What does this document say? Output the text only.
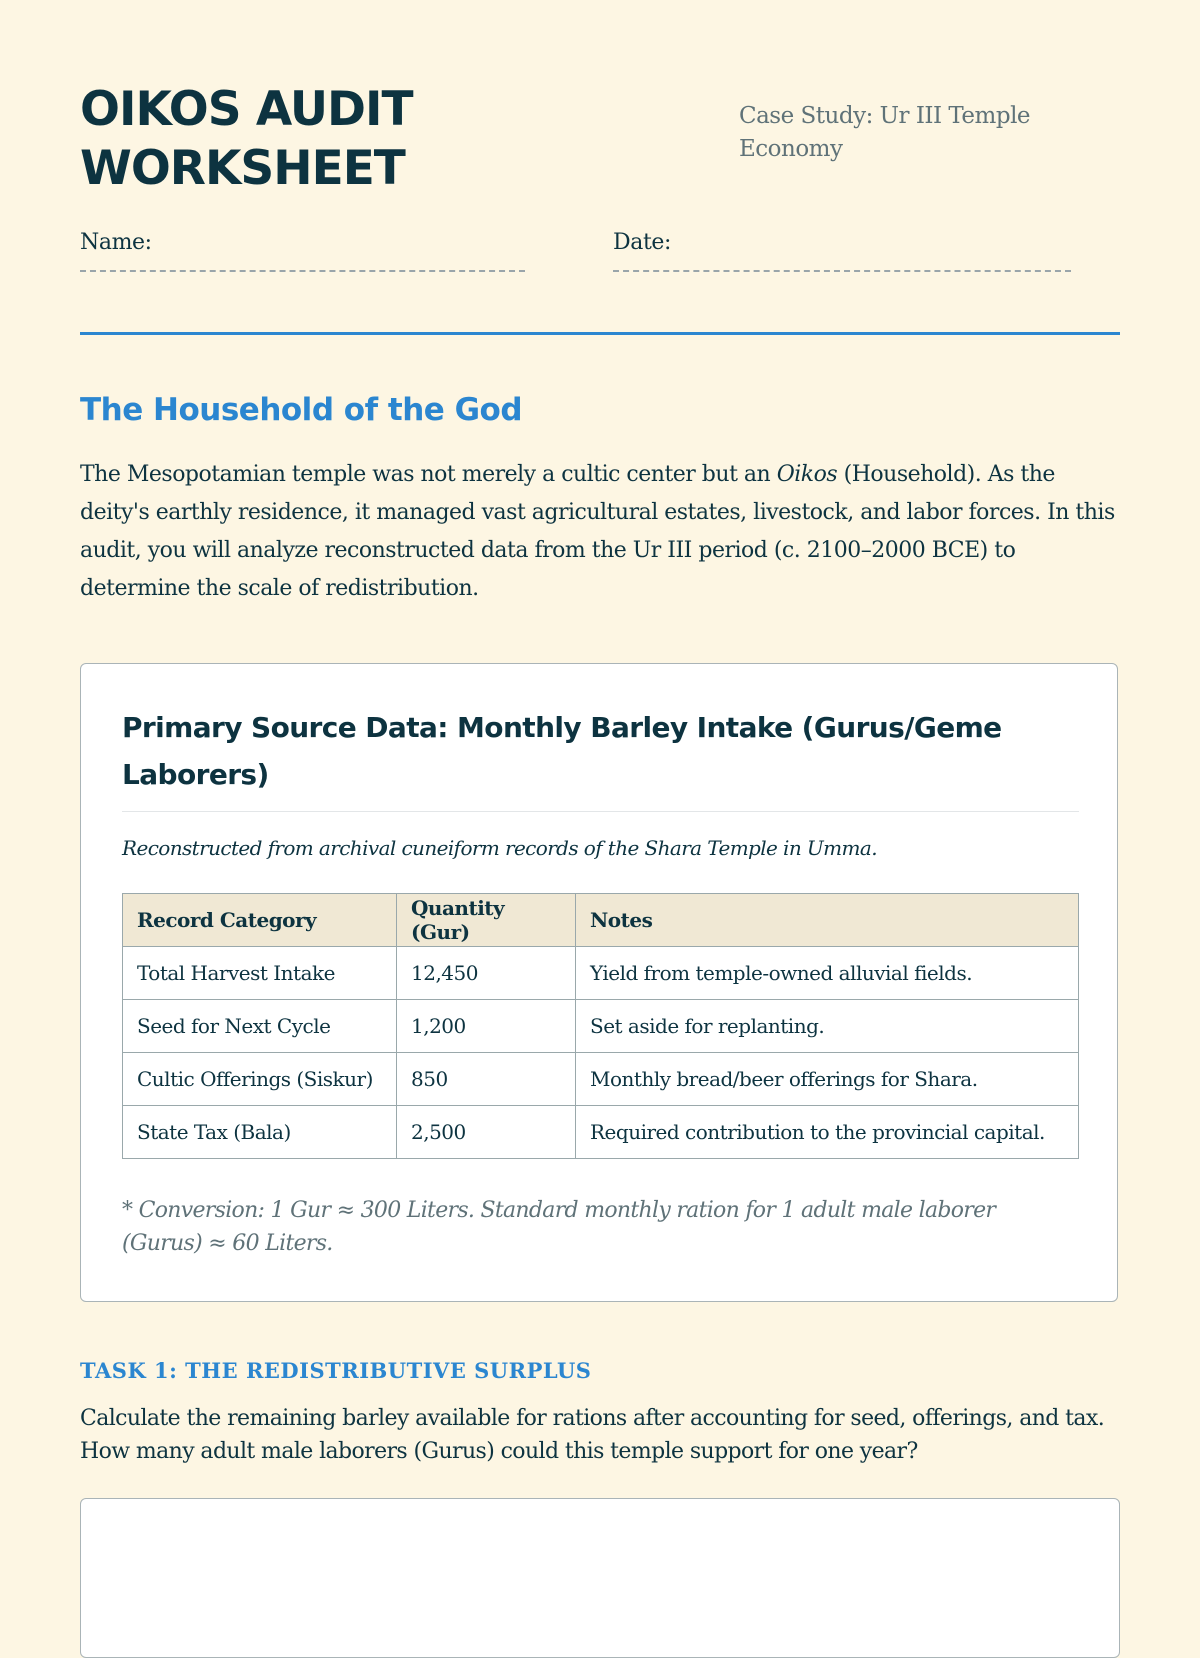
OIKOS AUDIT
WORKSHEET
Case Study: Ur III Temple Economy
Name:	Date:
The Household of the God

The Mesopotamian temple was not merely a cultic center but an Oikos (Household). As the deity's earthly residence, it managed vast agricultural estates, livestock, and labor forces. In this audit, you will analyze reconstructed data from the Ur III period (c. 2100–2000 BCE) to determine the scale of redistribution.

Primary Source Data: Monthly Barley Intake (Gurus/Geme Laborers)
Reconstructed from archival cuneiform records of the Shara Temple in Umma.
Record Category	Quantity (Gur)	Notes
Total Harvest Intake	12,450	Yield from temple-owned alluvial fields.
Seed for Next Cycle	1,200	Set aside for replanting.
Cultic Offerings (Siskur)	850	Monthly bread/beer offerings for Shara.
State Tax (Bala)	2,500	Required contribution to the provincial capital.
* Conversion: 1 Gur ≈ 300 Liters. Standard monthly ration for 1 adult male laborer (Gurus) ≈ 60 Liters.
TASK 1: THE REDISTRIBUTIVE SURPLUS

Calculate the remaining barley available for rations after accounting for seed, offerings, and tax. How many adult male laborers (Gurus) could this temple support for one year?
